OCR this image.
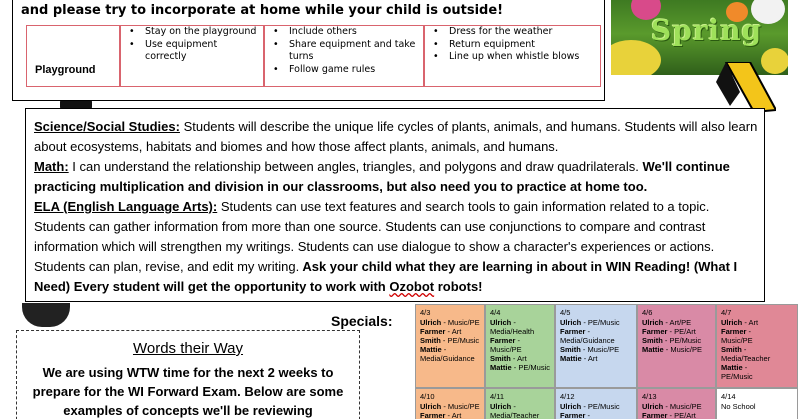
and please try to incorporate at home while your child is outside!
Playground
• Stay on the playground
• Use equipment correctly
• Include others
• Share equipment and take turns
• Follow game rules
• Dress for the weather
• Return equipment
• Line up when whistle blows
Spring

Science/Social Studies: Students will describe the unique life cycles of plants, animals, and humans. Students will also learn about ecosystems, habitats and biomes and how those affect plants, animals, and humans.

Math: I can understand the relationship between angles, triangles, and polygons and draw quadrilaterals. We'll continue practicing multiplication and division in our classrooms, but also need you to practice at home too.

ELA (English Language Arts): Students can use text features and search tools to gain information related to a topic. Students can gather information from more than one source. Students can use conjunctions to compare and contrast information which will strengthen my writings. Students can use dialogue to show a character's experiences or actions. Students can plan, revise, and edit my writing. Ask your child what they are learning in about in WIN Reading! (What I Need) Every student will get the opportunity to work with Ozobot robots!

Specials:
4/3
Ulrich - Music/PE
Farmer - Art
Smith - PE/Music
Mattie -
Media/Guidance
4/4
Ulrich -
Media/Health
Farmer -
Music/PE
Smith - Art
Mattie - PE/Music
4/5
Ulrich - PE/Music
Farmer -
Media/Guidance
Smith - Music/PE
Mattie - Art
4/6
Ulrich - Art/PE
Farmer - PE/Art
Smith - PE/Music
Mattie - Music/PE
4/7
Ulrich - Art
Farmer -
Music/PE
Smith -
Media/Teacher
Mattie -
PE/Music
4/10
Ulrich - Music/PE
Farmer - Art
4/11
Ulrich -
Media/Teacher
4/12
Ulrich - PE/Music
Farmer -
4/13
Ulrich - Music/PE
Farmer - PE/Art
4/14
No School
Words their Way
We are using WTW time for the next 2 weeks to prepare for the WI Forward Exam. Below are some examples of concepts we'll be reviewing
